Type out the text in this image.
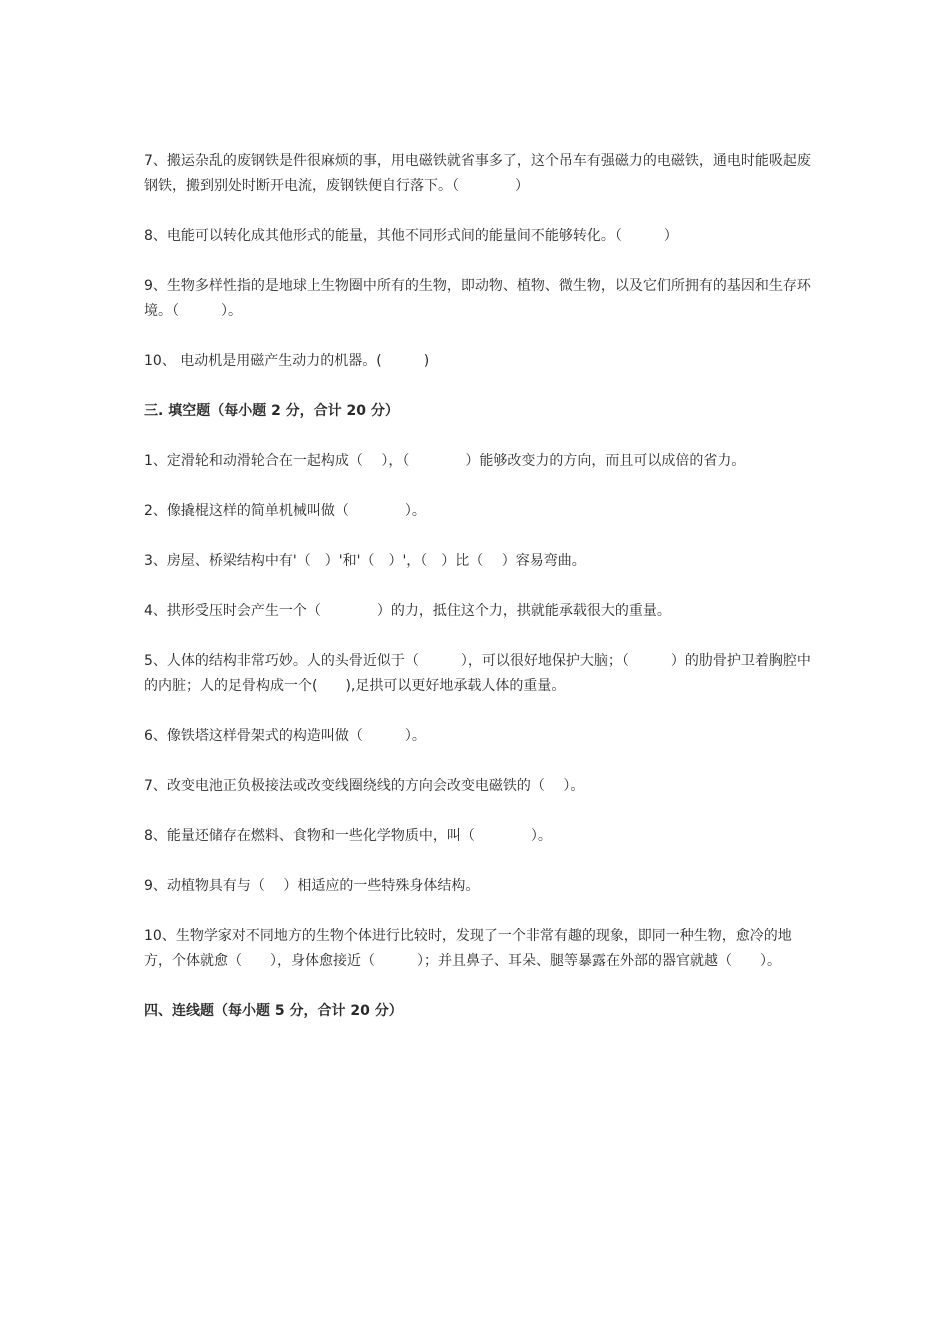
7、搬运杂乱的废钢铁是件很麻烦的事，用电磁铁就省事多了，这个吊车有强磁力的电磁铁，通电时能吸起废钢铁，搬到别处时断开电流，废钢铁便自行落下。（　　　　）

8、电能可以转化成其他形式的能量，其他不同形式间的能量间不能够转化。（　　　）

9、生物多样性指的是地球上生物圈中所有的生物，即动物、植物、微生物，以及它们所拥有的基因和生存环境。（　　　）。

10、 电动机是用磁产生动力的机器。(　　　)

三. 填空题（每小题 2 分，合计 20 分）

1、定滑轮和动滑轮合在一起构成（　 ），（　　　　）能够改变力的方向，而且可以成倍的省力。

2、像撬棍这样的简单机械叫做（　　　　）。

3、房屋、桥梁结构中有'（　）'和'（　）'，（　）比（　 ）容易弯曲。

4、拱形受压时会产生一个（　　　　）的力，抵住这个力，拱就能承载很大的重量。

5、人体的结构非常巧妙。人的头骨近似于（　　　），可以很好地保护大脑；（　　　）的肋骨护卫着胸腔中的内脏；人的足骨构成一个(　　),足拱可以更好地承载人体的重量。

6、像铁塔这样骨架式的构造叫做（　　　）。

7、改变电池正负极接法或改变线圈绕线的方向会改变电磁铁的（　 ）。

8、能量还储存在燃料、食物和一些化学物质中，叫（　　　　）。

9、动植物具有与（　 ）相适应的一些特殊身体结构。

10、生物学家对不同地方的生物个体进行比较时，发现了一个非常有趣的现象，即同一种生物，愈冷的地方，个体就愈（　　），身体愈接近（　　　）；并且鼻子、耳朵、腿等暴露在外部的器官就越（　　）。

四、连线题（每小题 5 分，合计 20 分）
